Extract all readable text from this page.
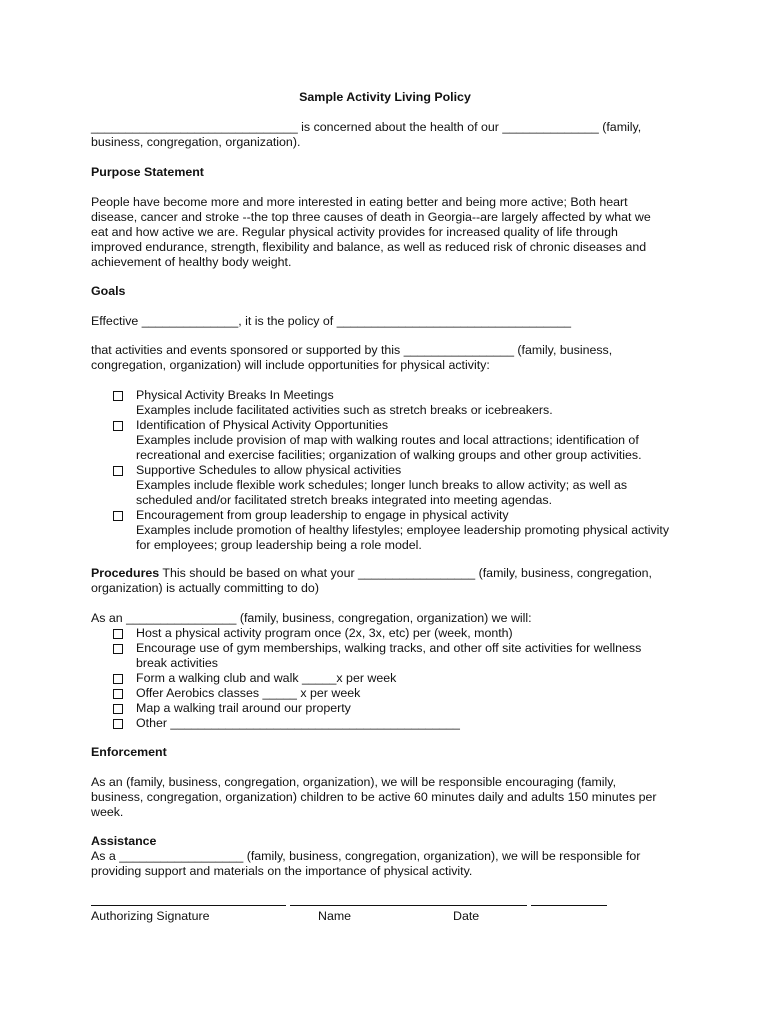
Sample Activity Living Policy
______________________________ is concerned about the health of our ______________ (family,
business, congregation, organization).
Purpose Statement
People have become more and more interested in eating better and being more active; Both heart
disease, cancer and stroke --the top three causes of death in Georgia--are largely affected by what we
eat and how active we are. Regular physical activity provides for increased quality of life through
improved endurance, strength, flexibility and balance, as well as reduced risk of chronic diseases and
achievement of healthy body weight.
Goals
Effective ______________, it is the policy of __________________________________
that activities and events sponsored or supported by this ________________ (family, business,
congregation, organization) will include opportunities for physical activity:
Physical Activity Breaks In Meetings
Examples include facilitated activities such as stretch breaks or icebreakers.
Identification of Physical Activity Opportunities
Examples include provision of map with walking routes and local attractions; identification of
recreational and exercise facilities; organization of walking groups and other group activities.
Supportive Schedules to allow physical activities
Examples include flexible work schedules; longer lunch breaks to allow activity; as well as
scheduled and/or facilitated stretch breaks integrated into meeting agendas.
Encouragement from group leadership to engage in physical activity
Examples include promotion of healthy lifestyles; employee leadership promoting physical activity
for employees; group leadership being a role model.
Procedures This should be based on what your _________________ (family, business, congregation,
organization) is actually committing to do)
As an ________________ (family, business, congregation, organization) we will:
Host a physical activity program once (2x, 3x, etc) per (week, month)
Encourage use of gym memberships, walking tracks, and other off site activities for wellness
break activities
Form a walking club and walk _____x per week
Offer Aerobics classes _____ x per week
Map a walking trail around our property
Other __________________________________________
Enforcement
As an (family, business, congregation, organization), we will be responsible encouraging (family,
business, congregation, organization) children to be active 60 minutes daily and adults 150 minutes per
week.
Assistance
As a __________________ (family, business, congregation, organization), we will be responsible for
providing support and materials on the importance of physical activity.
Authorizing Signature	Name	Date
